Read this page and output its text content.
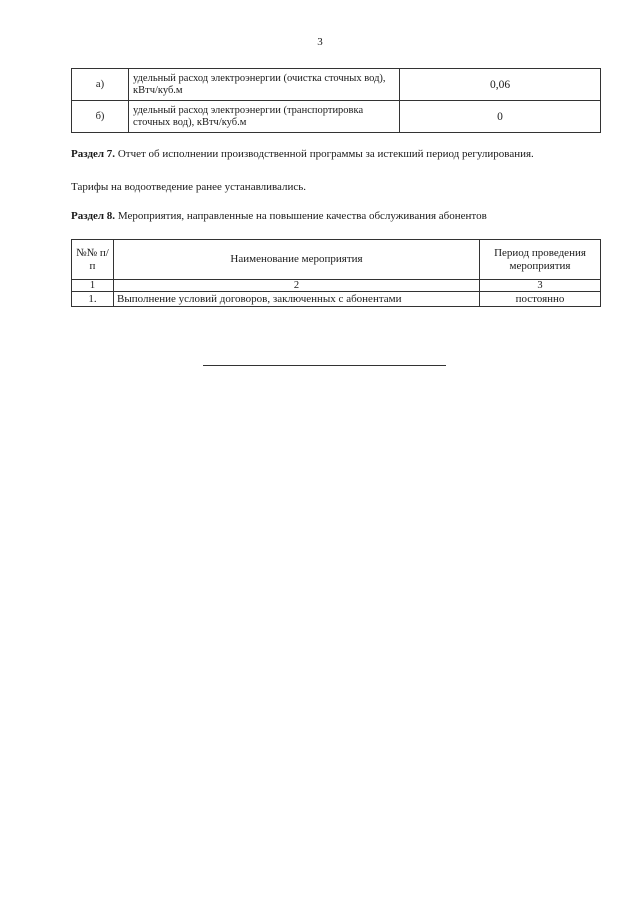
3
а)	удельный расход электроэнергии (очистка сточных вод), кВтч/куб.м	0,06
б)	удельный расход электроэнергии (транспортировка сточных вод), кВтч/куб.м	0
Раздел 7. Отчет об исполнении производственной программы за истекший период регулирования.
Тарифы на водоотведение ранее устанавливались.
Раздел 8. Мероприятия, направленные на повышение качества обслуживания абонентов
№№ п/п	Наименование мероприятия	Период проведения мероприятия
1	2	3
1.	Выполнение условий договоров, заключенных с абонентами	постоянно
